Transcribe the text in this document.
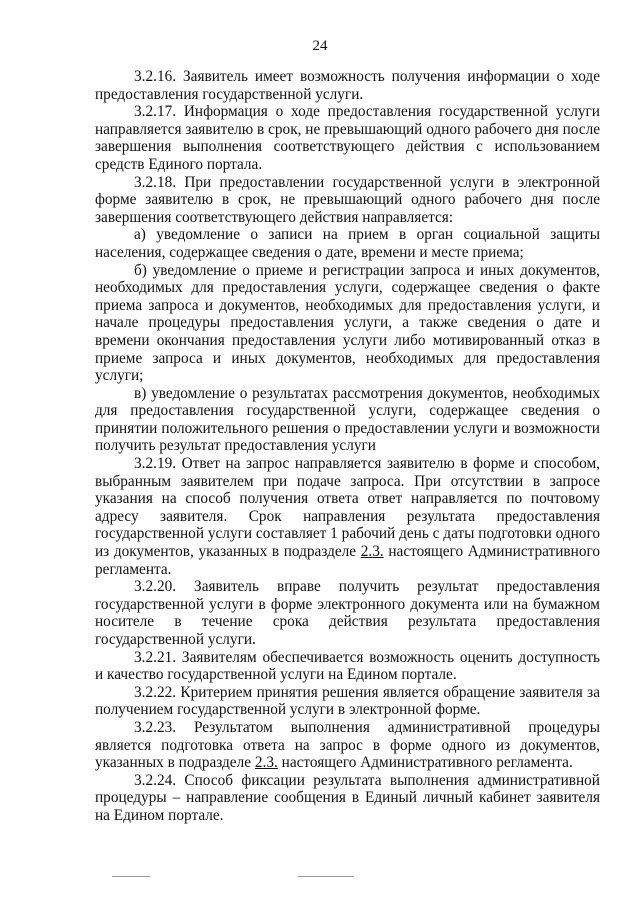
24

3.2.16. Заявитель имеет возможность получения информации о ходе предоставления государственной услуги.

3.2.17. Информация о ходе предоставления государственной услуги направляется заявителю в срок, не превышающий одного рабочего дня после завершения выполнения соответствующего действия с использованием средств Единого портала.

3.2.18. При предоставлении государственной услуги в электронной форме заявителю в срок, не превышающий одного рабочего дня после завершения соответствующего действия направляется:

а) уведомление о записи на прием в орган социальной защиты населения, содержащее сведения о дате, времени и месте приема;

б) уведомление о приеме и регистрации запроса и иных документов, необходимых для предоставления услуги, содержащее сведения о факте приема запроса и документов, необходимых для предоставления услуги, и начале процедуры предоставления услуги, а также сведения о дате и времени окончания предоставления услуги либо мотивированный отказ в приеме запроса и иных документов, необходимых для предоставления услуги;

в) уведомление о результатах рассмотрения документов, необходимых для предоставления государственной услуги, содержащее сведения о принятии положительного решения о предоставлении услуги и возможности получить результат предоставления услуги

3.2.19. Ответ на запрос направляется заявителю в форме и способом, выбранным заявителем при подаче запроса. При отсутствии в запросе указания на способ получения ответа ответ направляется по почтовому адресу заявителя. Срок направления результата предоставления государственной услуги составляет 1 рабочий день с даты подготовки одного из документов, указанных в подразделе 2.3. настоящего Административного регламента.

3.2.20. Заявитель вправе получить результат предоставления государственной услуги в форме электронного документа или на бумажном носителе в течение срока действия результата предоставления государственной услуги.

3.2.21. Заявителям обеспечивается возможность оценить доступность и качество государственной услуги на Едином портале.

3.2.22. Критерием принятия решения является обращение заявителя за получением государственной услуги в электронной форме.

3.2.23. Результатом выполнения административной процедуры является подготовка ответа на запрос в форме одного из документов, указанных в подразделе 2.3. настоящего Административного регламента.

3.2.24. Способ фиксации результата выполнения административной процедуры – направление сообщения в Единый личный кабинет заявителя на Едином портале.
